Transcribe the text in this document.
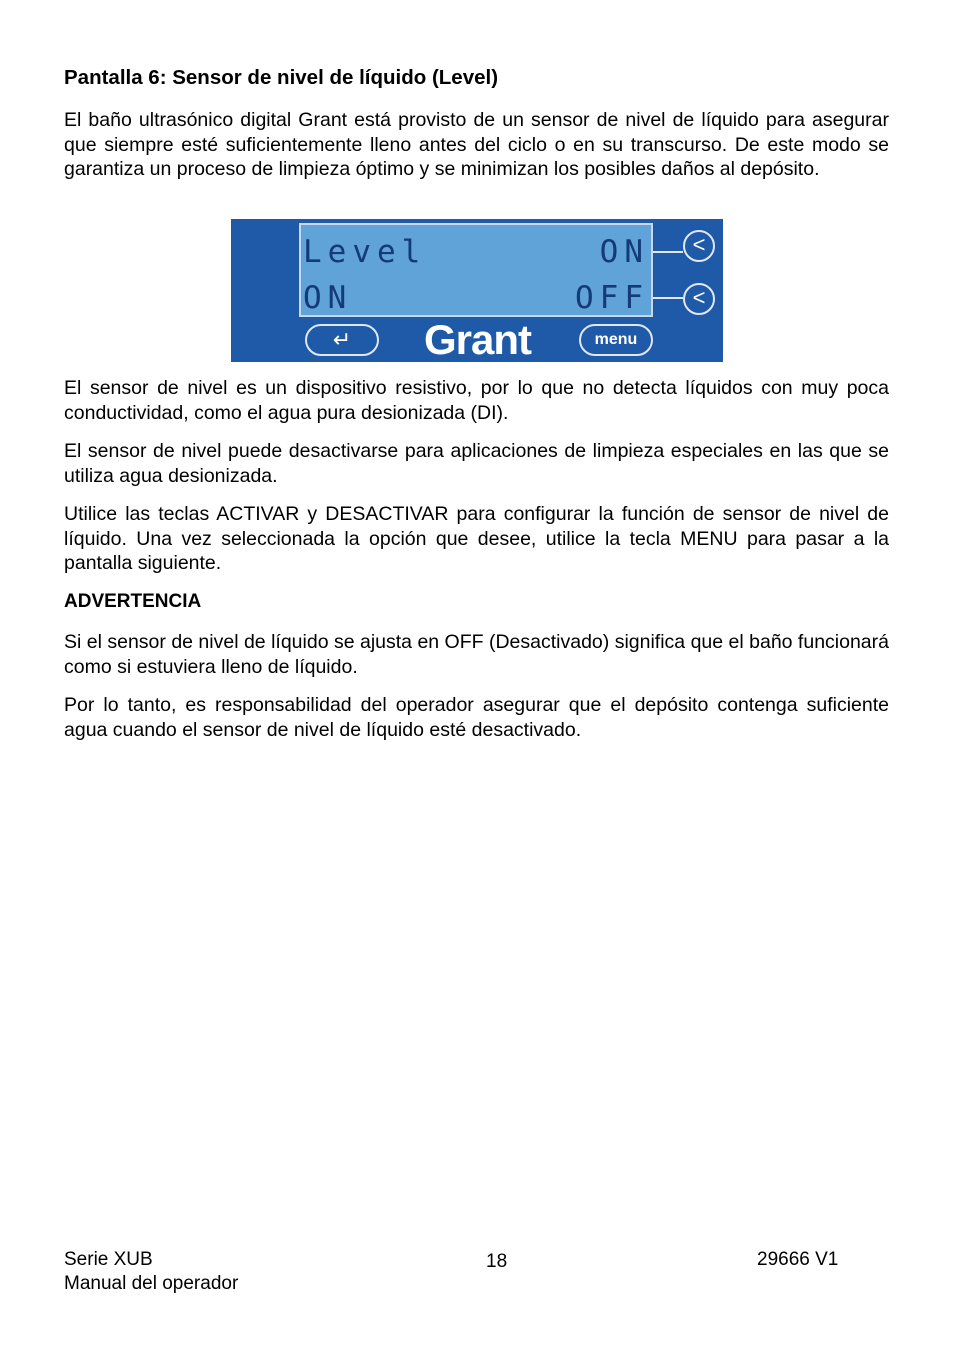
Pantalla 6: Sensor de nivel de líquido (Level)

El baño ultrasónico digital Grant está provisto de un sensor de nivel de líquido para asegurar que siempre esté suficientemente lleno antes del ciclo o en su transcurso. De este modo se garantiza un proceso de limpieza óptimo y se minimizan los posibles daños al depósito.

El sensor de nivel es un dispositivo resistivo, por lo que no detecta líquidos con muy poca conductividad, como el agua pura desionizada (DI).

El sensor de nivel puede desactivarse para aplicaciones de limpieza especiales en las que se utiliza agua desionizada.

Utilice las teclas ACTIVAR y DESACTIVAR para configurar la función de sensor de nivel de líquido. Una vez seleccionada la opción que desee, utilice la tecla MENU para pasar a la pantalla siguiente.

ADVERTENCIA

Si el sensor de nivel de líquido se ajusta en OFF (Desactivado) significa que el baño funcionará como si estuviera lleno de líquido.

Por lo tanto, es responsabilidad del operador asegurar que el depósito contenga suficiente agua cuando el sensor de nivel de líquido esté desactivado.

Level	ON
ON	OFF
<
<
↵	Grant	menu
Serie XUB
Manual del operador
18	29666 V1
